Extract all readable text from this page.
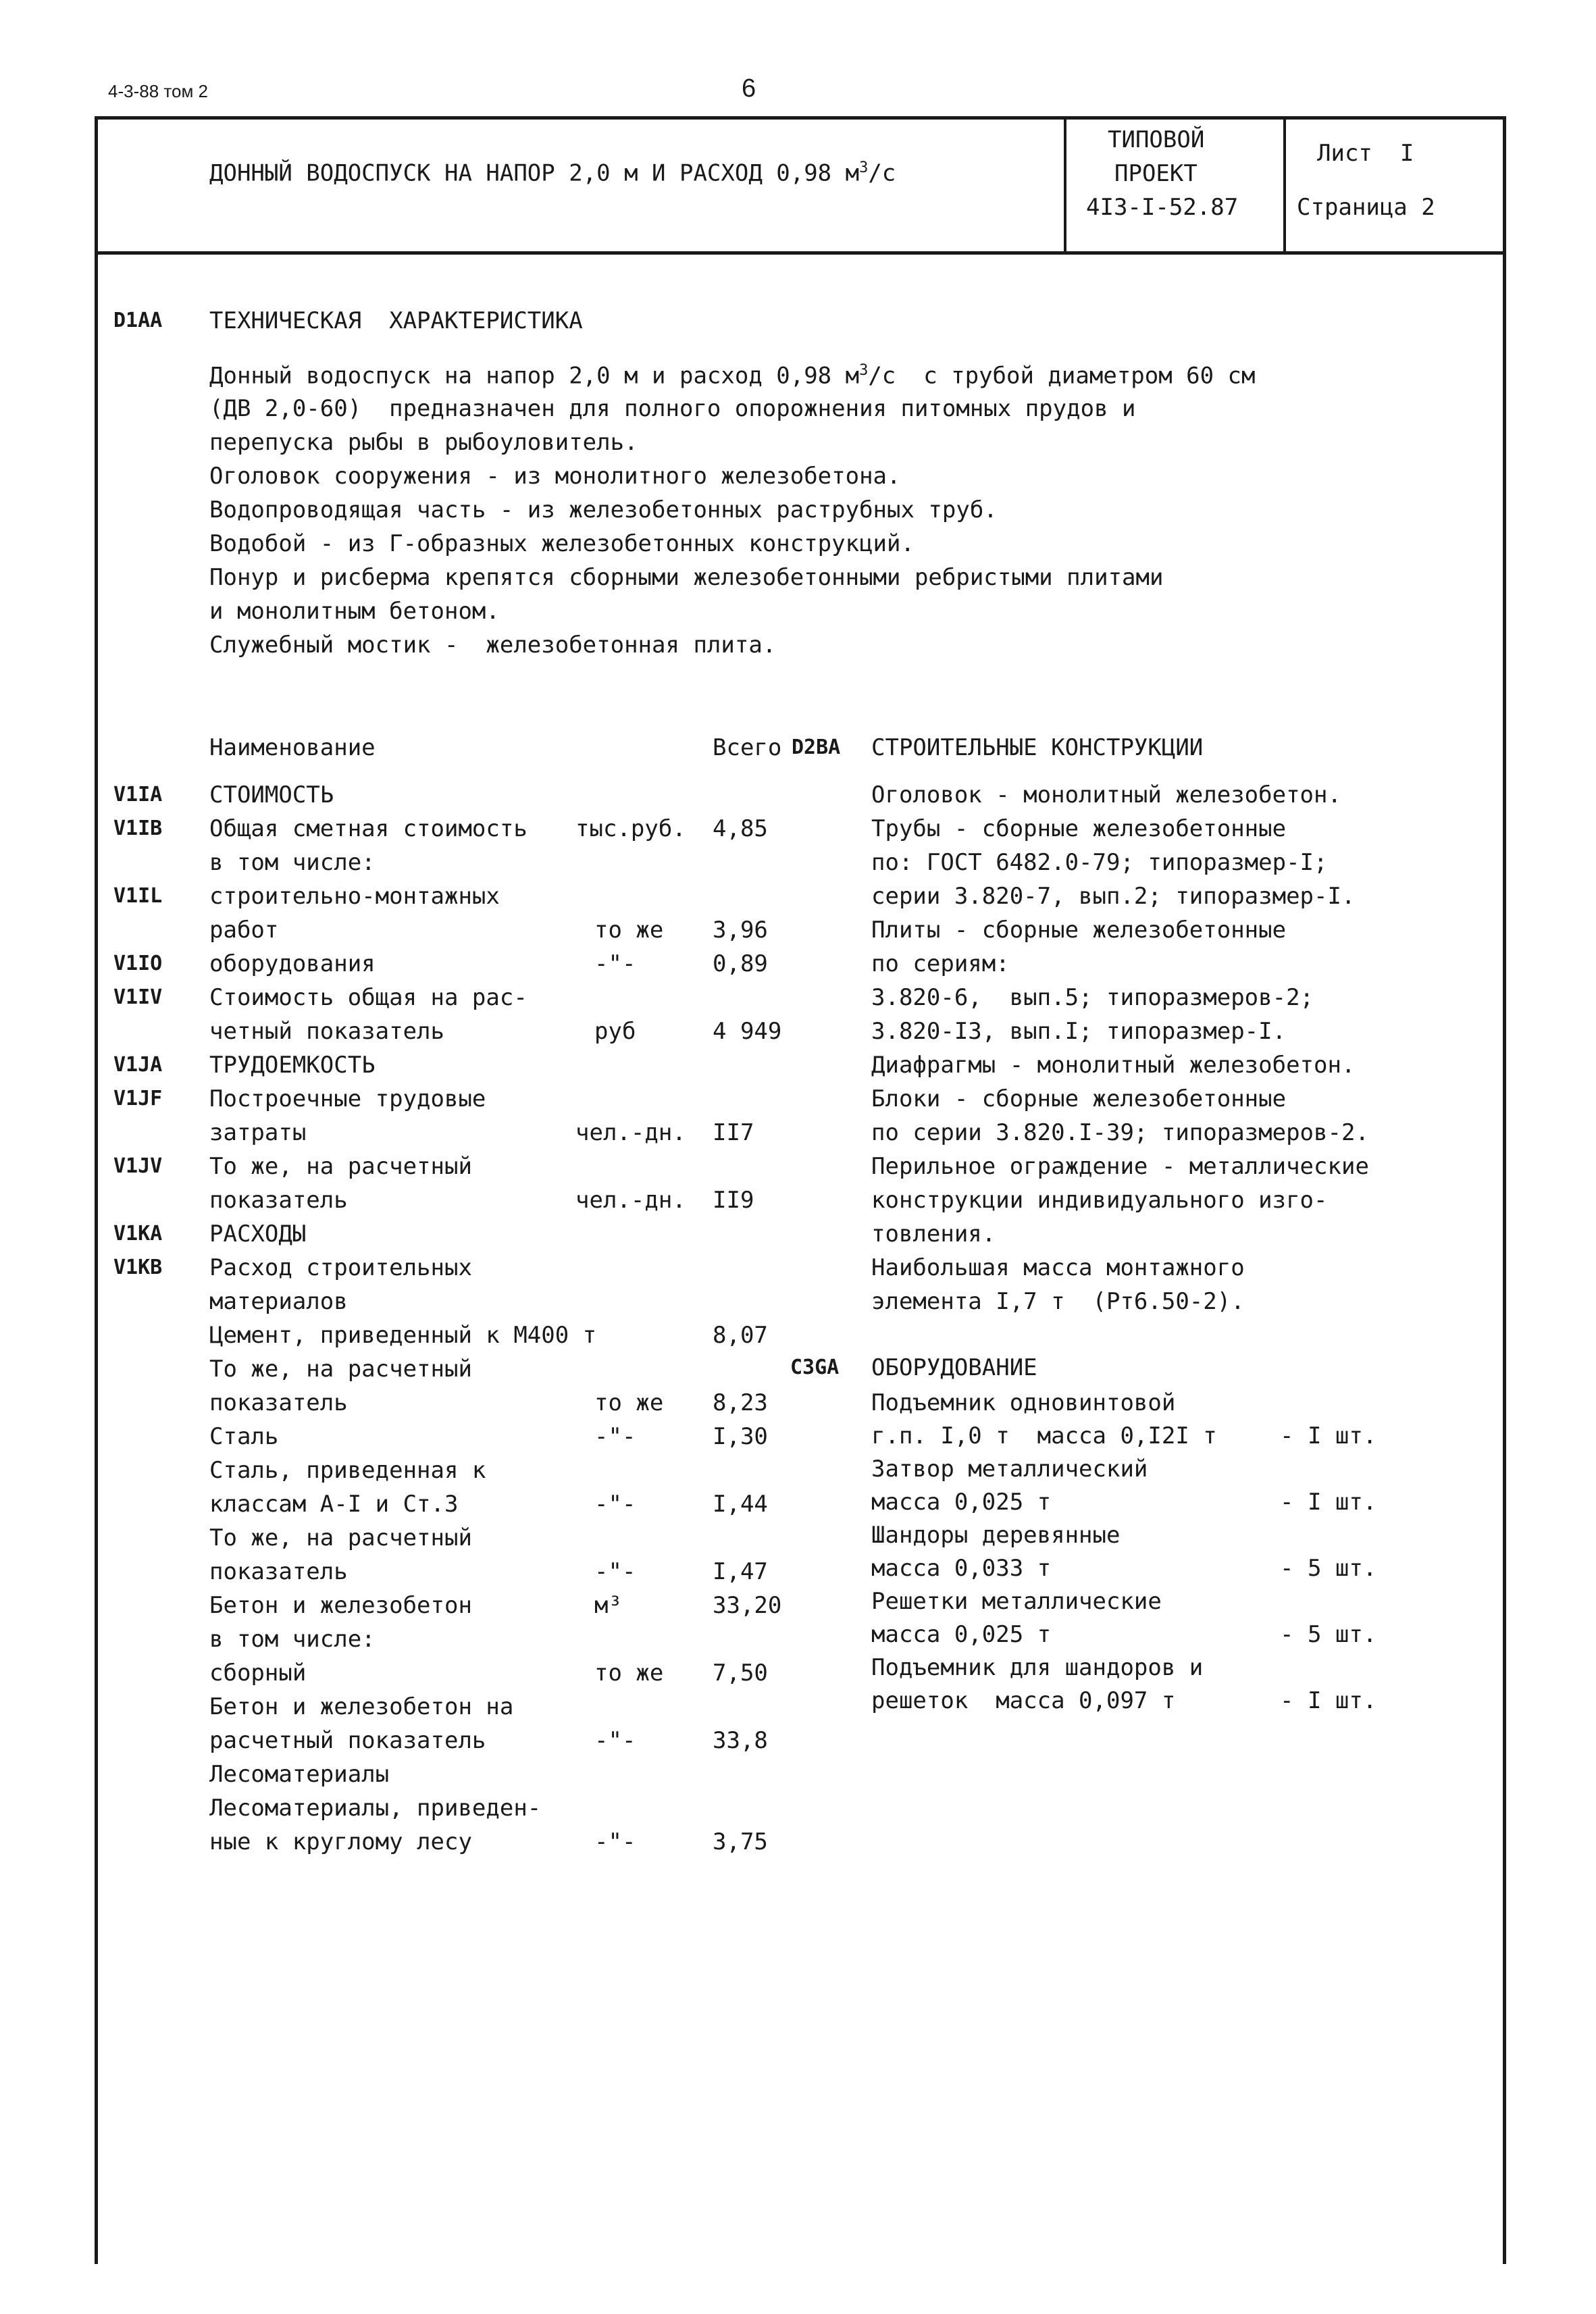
4-3-88 том 2	6
ДОННЫЙ ВОДОСПУСК НА НАПОР 2,0 м И РАСХОД 0,98 $м^3/с$
ТИПОВОЙ
ПРОЕКТ
4I3-I-52.87
Лист  I
Страница 2
D1AA ТЕХНИЧЕСКАЯ  ХАРАКТЕРИСТИКА
Донный водоспуск на напор 2,0 м и расход 0,98 $м^3/с$  с трубой диаметром 60 см
(ДВ 2,0-60)  предназначен для полного опорожнения питомных прудов и
перепуска рыбы в рыбоуловитель.
Оголовок сооружения - из монолитного железобетона.
Водопроводящая часть - из железобетонных раструбных труб.
Водобой - из Г-образных железобетонных конструкций.
Понур и рисберма крепятся сборными железобетонными ребристыми плитами
и монолитным бетоном.
Служебный мостик -  железобетонная плита.
Наименование	Всего D2BA СТРОИТЕЛЬНЫЕ КОНСТРУКЦИИ
V1IA СТОИМОСТЬ
V1IB Общая сметная стоимость тыс.руб. 4,85
в том числе:
V1IL строительно-монтажных
работ	то же 3,96
V1IO оборудования	-"-	0,89
V1IV Стоимость общая на рас-
четный показатель	руб	4 949
V1JA ТРУДОЕМКОСТЬ
V1JF Построечные трудовые
затраты	чел.-дн. II7
V1JV То же, на расчетный
показатель	чел.-дн. II9
V1KA РАСХОДЫ
V1KB Расход строительных
материалов
Цемент, приведенный к М400 т	8,07
То же, на расчетный
показатель	то же 8,23
Сталь	-"-	I,30
Сталь, приведенная к
классам А-I и Ст.3	-"-	I,44
То же, на расчетный
показатель	-"-	I,47
Бетон и железобетон	м³	33,20
в том числе:
сборный	то же 7,50
Бетон и железобетон на
расчетный показатель	-"-	33,8
Лесоматериалы
Лесоматериалы, приведен-
ные к круглому лесу	-"-	3,75
Оголовок - монолитный железобетон.
Трубы - сборные железобетонные
по: ГОСТ 6482.0-79; типоразмер-I;
серии 3.820-7, вып.2; типоразмер-I.
Плиты - сборные железобетонные
по сериям:
3.820-6,  вып.5; типоразмеров-2;
3.820-I3, вып.I; типоразмер-I.
Диафрагмы - монолитный железобетон.
Блоки - сборные железобетонные
по серии 3.820.I-39; типоразмеров-2.
Перильное ограждение - металлические
конструкции индивидуального изго-
товления.
Наибольшая масса монтажного
элемента I,7 т  (Рт6.50-2).
C3GA ОБОРУДОВАНИЕ
Подъемник одновинтовой
г.п. I,0 т  масса 0,I2I т	- I шт.
Затвор металлический
масса 0,025 т	- I шт.
Шандоры деревянные
масса 0,033 т	- 5 шт.
Решетки металлические
масса 0,025 т	- 5 шт.
Подъемник для шандоров и
решеток  масса 0,097 т	- I шт.
